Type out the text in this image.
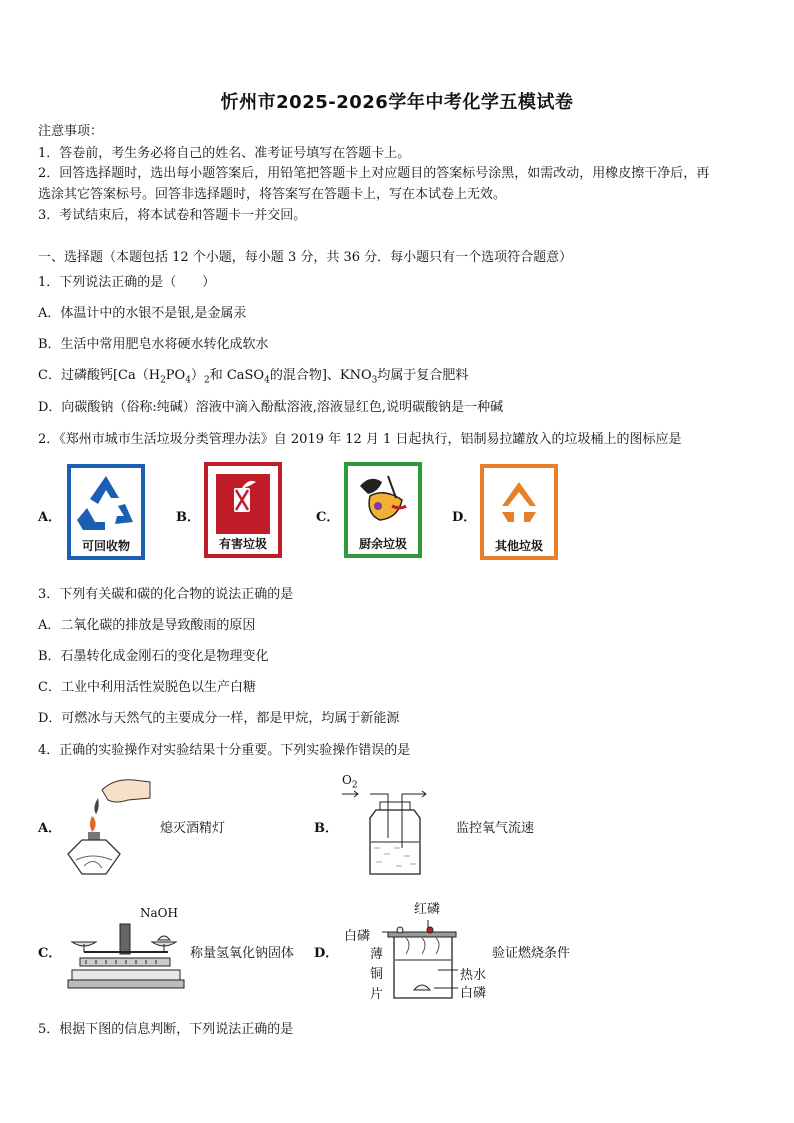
忻州市2025-2026学年中考化学五模试卷
注意事项：
1．答卷前，考生务必将自己的姓名、准考证号填写在答题卡上。
2．回答选择题时，选出每小题答案后，用铅笔把答题卡上对应题目的答案标号涂黑，如需改动，用橡皮擦干净后，再
选涂其它答案标号。回答非选择题时，将答案写在答题卡上，写在本试卷上无效。
3．考试结束后，将本试卷和答题卡一并交回。
一、选择题（本题包括 12 个小题，每小题 3 分，共 36 分．每小题只有一个选项符合题意）
1．下列说法正确的是（　　）
A．体温计中的水银不是银,是金属汞
B．生活中常用肥皂水将硬水转化成软水
C．过磷酸钙[$Ca(H_2PO_4)_2$和 CaSO$_4$的混合物]、$KNO_3$均属于复合肥料
D．向碳酸钠（俗称:纯碱）溶液中滴入酚酞溶液,溶液显红色,说明碳酸钠是一种碱
2．《郑州市城市生活垃圾分类管理办法》自 2019 年 12 月 1 日起执行，铝制易拉罐放入的垃圾桶上的图标应是
A．
可回收物
B．
有害垃圾
C．
厨余垃圾
D．
其他垃圾
3．下列有关碳和碳的化合物的说法正确的是
A．二氧化碳的排放是导致酸雨的原因
B．石墨转化成金刚石的变化是物理变化
C．工业中利用活性炭脱色以生产白糖
D．可燃冰与天然气的主要成分一样，都是甲烷，均属于新能源
4．正确的实验操作对实验结果十分重要。下列实验操作错误的是
A．	熄灭酒精灯	B．
$O_2$
监控氧气流速
C．
NaOH
称量氢氧化钠固体 D．
红磷
白磷
薄
铜
片
热水
白磷
验证燃烧条件
5．根据下图的信息判断，下列说法正确的是
